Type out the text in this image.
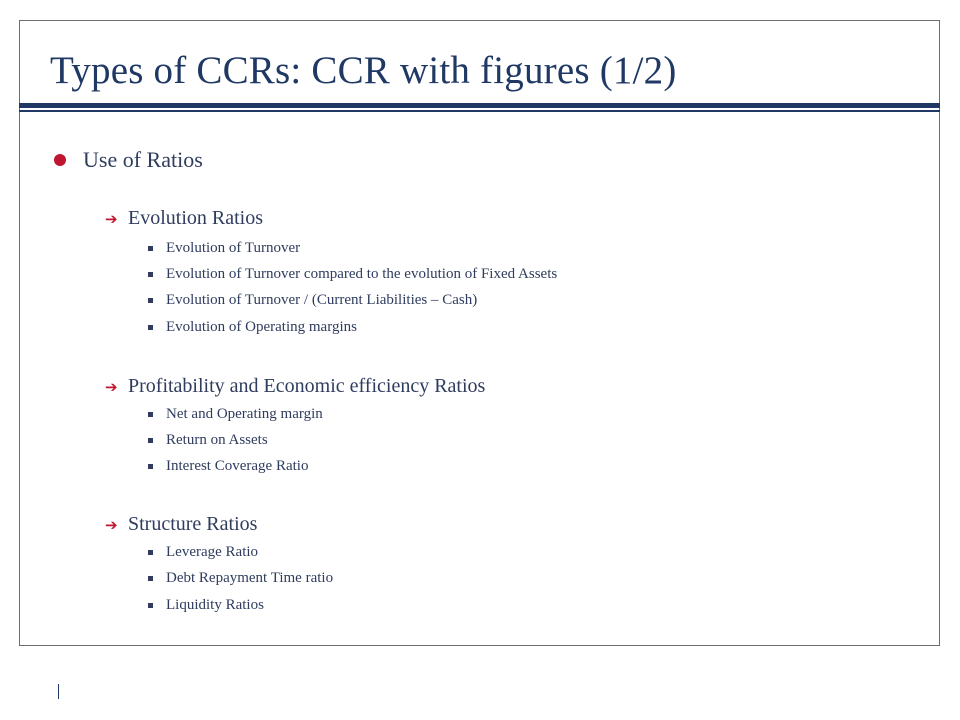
Types of CCRs: CCR with figures (1/2)
Use of Ratios
➔ Evolution Ratios
Evolution of Turnover
Evolution of Turnover compared to the evolution of Fixed Assets
Evolution of Turnover / (Current Liabilities – Cash)
Evolution of Operating margins
➔ Profitability and Economic efficiency Ratios
Net and Operating margin
Return on Assets
Interest Coverage Ratio
➔ Structure Ratios
Leverage Ratio
Debt Repayment Time ratio
Liquidity Ratios
